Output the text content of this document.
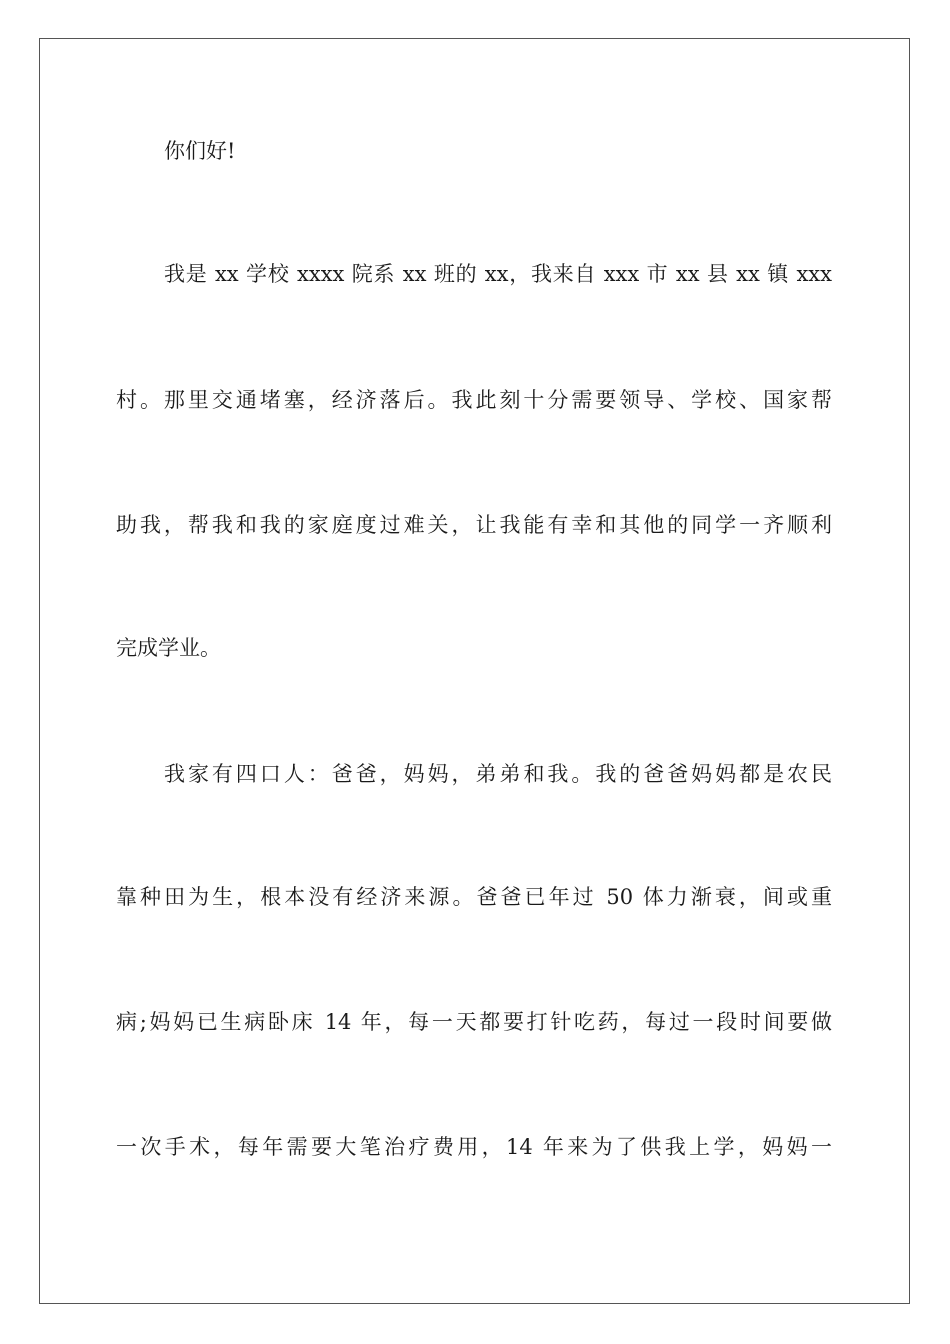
你们好!

我是 xx 学校 xxxx 院系 xx 班的 xx，我来自 xxx 市 xx 县 xx 镇 xxx

村。那里交通堵塞，经济落后。我此刻十分需要领导、学校、国家帮

助我，帮我和我的家庭度过难关，让我能有幸和其他的同学一齐顺利

完成学业。

我家有四口人：爸爸，妈妈，弟弟和我。我的爸爸妈妈都是农民

靠种田为生，根本没有经济来源。爸爸已年过 50 体力渐衰，间或重

病;妈妈已生病卧床 14 年，每一天都要打针吃药，每过一段时间要做

一次手术，每年需要大笔治疗费用，14 年来为了供我上学，妈妈一
